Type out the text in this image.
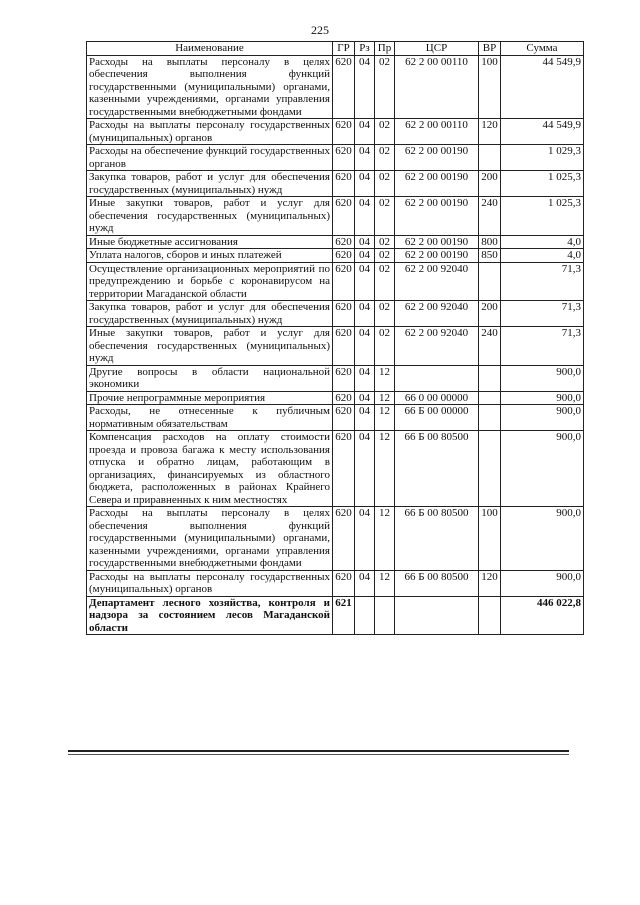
225
Наименование	ГР	Рз	Пр	ЦСР	ВР	Сумма
Расходы на выплаты персоналу в целях обеспечения выполнения функций государственными (муниципальными) органами, казенными учреждениями, органами управления государственными внебюджетными фондами	620	04	02	62 2 00 00110	100	44 549,9
Расходы на выплаты персоналу государственных (муниципальных) органов	620	04	02	62 2 00 00110	120	44 549,9
Расходы на обеспечение функций государственных органов	620	04	02	62 2 00 00190		1 029,3
Закупка товаров, работ и услуг для обеспечения государственных (муниципальных) нужд	620	04	02	62 2 00 00190	200	1 025,3
Иные закупки товаров, работ и услуг для обеспечения государственных (муниципальных) нужд	620	04	02	62 2 00 00190	240	1 025,3
Иные бюджетные ассигнования	620	04	02	62 2 00 00190	800	4,0
Уплата налогов, сборов и иных платежей	620	04	02	62 2 00 00190	850	4,0
Осуществление организационных мероприятий по предупреждению и борьбе с коронавирусом на территории Магаданской области	620	04	02	62 2 00 92040		71,3
Закупка товаров, работ и услуг для обеспечения государственных (муниципальных) нужд	620	04	02	62 2 00 92040	200	71,3
Иные закупки товаров, работ и услуг для обеспечения государственных (муниципальных) нужд	620	04	02	62 2 00 92040	240	71,3
Другие вопросы в области национальной экономики	620	04	12			900,0
Прочие непрограммные мероприятия	620	04	12	66 0 00 00000		900,0
Расходы, не отнесенные к публичным нормативным обязательствам	620	04	12	66 Б 00 00000		900,0
Компенсация расходов на оплату стоимости проезда и провоза багажа к месту использования отпуска и обратно лицам, работающим в организациях, финансируемых из областного бюджета, расположенных в районах Крайнего Севера и приравненных к ним местностях	620	04	12	66 Б 00 80500		900,0
Расходы на выплаты персоналу в целях обеспечения выполнения функций государственными (муниципальными) органами, казенными учреждениями, органами управления государственными внебюджетными фондами	620	04	12	66 Б 00 80500	100	900,0
Расходы на выплаты персоналу государственных (муниципальных) органов	620	04	12	66 Б 00 80500	120	900,0
Департамент лесного хозяйства, контроля и надзора за состоянием лесов Магаданской области	621					446 022,8
